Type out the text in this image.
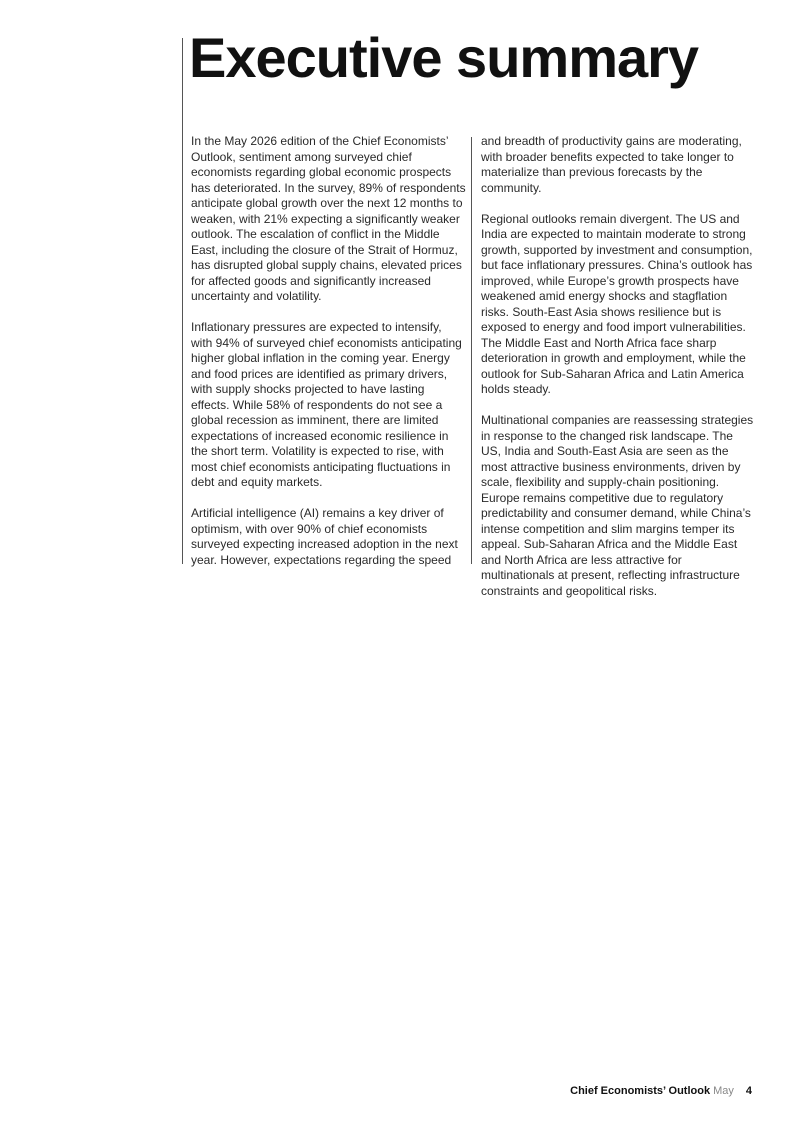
Executive summary

In the May 2026 edition of the Chief Economists’ Outlook, sentiment among surveyed chief economists regarding global economic prospects has deteriorated. In the survey, 89% of respondents anticipate global growth over the next 12 months to weaken, with 21% expecting a significantly weaker outlook. The escalation of conflict in the Middle East, including the closure of the Strait of Hormuz, has disrupted global supply chains, elevated prices for affected goods and significantly increased uncertainty and volatility.

Inflationary pressures are expected to intensify, with 94% of surveyed chief economists anticipating higher global inflation in the coming year. Energy and food prices are identified as primary drivers, with supply shocks projected to have lasting effects. While 58% of respondents do not see a global recession as imminent, there are limited expectations of increased economic resilience in the short term. Volatility is expected to rise, with most chief economists anticipating fluctuations in debt and equity markets.

Artificial intelligence (AI) remains a key driver of optimism, with over 90% of chief economists surveyed expecting increased adoption in the next year. However, expectations regarding the speed

and breadth of productivity gains are moderating, with broader benefits expected to take longer to materialize than previous forecasts by the community.

Regional outlooks remain divergent. The US and India are expected to maintain moderate to strong growth, supported by investment and consumption, but face inflationary pressures. China’s outlook has improved, while Europe’s growth prospects have weakened amid energy shocks and stagflation risks. South-East Asia shows resilience but is exposed to energy and food import vulnerabilities. The Middle East and North Africa face sharp deterioration in growth and employment, while the outlook for Sub-Saharan Africa and Latin America holds steady.

Multinational companies are reassessing strategies in response to the changed risk landscape. The US, India and South-East Asia are seen as the most attractive business environments, driven by scale, flexibility and supply-chain positioning. Europe remains competitive due to regulatory predictability and consumer demand, while China’s intense competition and slim margins temper its appeal. Sub-Saharan Africa and the Middle East and North Africa are less attractive for multinationals at present, reflecting infrastructure constraints and geopolitical risks.

Chief Economists’ Outlook May 4
